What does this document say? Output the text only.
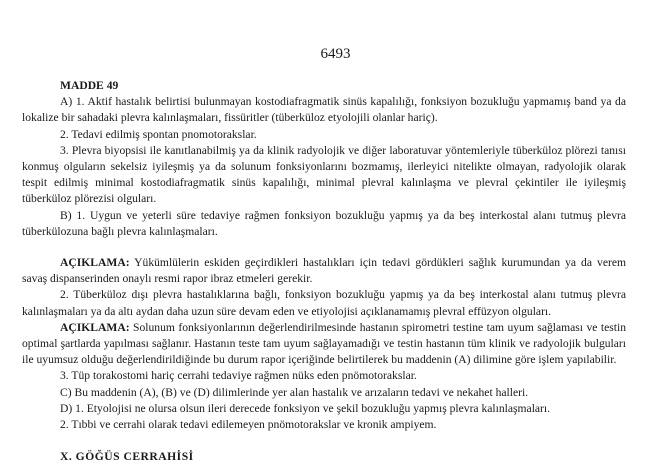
6493
MADDE 49

A) 1. Aktif hastalık belirtisi bulunmayan kostodiafragmatik sinüs kapalılığı, fonksiyon bozukluğu yapmamış band ya da lokalize bir sahadaki plevra kalınlaşmaları, fissüritler (tüberküloz etyolojili olanlar hariç).

2. Tedavi edilmiş spontan pnomotorakslar.

3. Plevra biyopsisi ile kanıtlanabilmiş ya da klinik radyolojik ve diğer laboratuvar yöntemleriyle tüberküloz plörezi tanısı konmuş olguların sekelsiz iyileşmiş ya da solunum fonksiyonlarını bozmamış, ilerleyici nitelikte olmayan, radyolojik olarak tespit edilmiş minimal kostodiafragmatik sinüs kapalılığı, minimal plevral kalınlaşma ve plevral çekintiler ile iyileşmiş tüberküloz plörezisi olguları.

B) 1. Uygun ve yeterli süre tedaviye rağmen fonksiyon bozukluğu yapmış ya da beş interkostal alanı tutmuş plevra tüberkülozuna bağlı plevra kalınlaşmaları.

AÇIKLAMA: Yükümlülerin eskiden geçirdikleri hastalıkları için tedavi gördükleri sağlık kurumundan ya da verem savaş dispanserinden onaylı resmi rapor ibraz etmeleri gerekir.

2. Tüberküloz dışı plevra hastalıklarına bağlı, fonksiyon bozukluğu yapmış ya da beş interkostal alanı tutmuş plevra kalınlaşmaları ya da altı aydan daha uzun süre devam eden ve etiyolojisi açıklanamamış plevral effüzyon olguları.

AÇIKLAMA: Solunum fonksiyonlarının değerlendirilmesinde hastanın spirometri testine tam uyum sağlaması ve testin optimal şartlarda yapılması sağlanır. Hastanın teste tam uyum sağlayamadığı ve testin hastanın tüm klinik ve radyolojik bulguları ile uyumsuz olduğu değerlendirildiğinde bu durum rapor içeriğinde belirtilerek bu maddenin (A) dilimine göre işlem yapılabilir.

3. Tüp torakostomi hariç cerrahi tedaviye rağmen nüks eden pnömotorakslar.

C) Bu maddenin (A), (B) ve (D) dilimlerinde yer alan hastalık ve arızaların tedavi ve nekahet halleri.

D) 1. Etyolojisi ne olursa olsun ileri derecede fonksiyon ve şekil bozukluğu yapmış plevra kalınlaşmaları.

2. Tıbbi ve cerrahi olarak tedavi edilemeyen pnömotorakslar ve kronik ampiyem.

X. GÖĞÜS CERRAHİSİ
